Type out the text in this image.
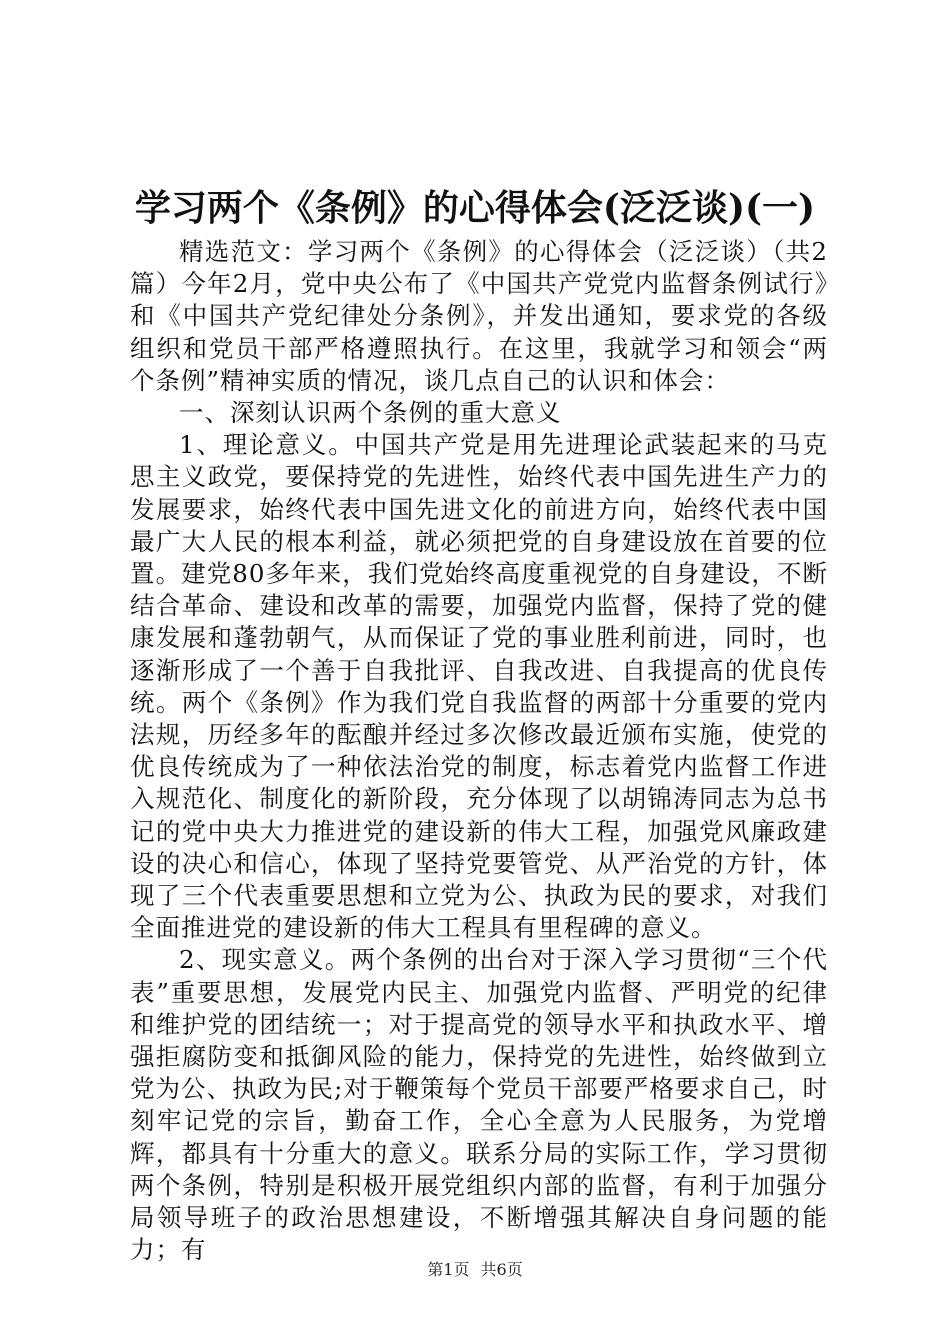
学习两个《条例》的心得体会(泛泛谈)(一)

精选范文：学习两个《条例》的心得体会（泛泛谈）（共2篇）今年2月，党中央公布了《中国共产党党内监督条例试行》和《中国共产党纪律处分条例》，并发出通知，要求党的各级组织和党员干部严格遵照执行。在这里，我就学习和领会“两个条例”精神实质的情况，谈几点自己的认识和体会：

一、深刻认识两个条例的重大意义

1、理论意义。中国共产党是用先进理论武装起来的马克思主义政党，要保持党的先进性，始终代表中国先进生产力的发展要求，始终代表中国先进文化的前进方向，始终代表中国最广大人民的根本利益，就必须把党的自身建设放在首要的位置。建党80多年来，我们党始终高度重视党的自身建设，不断结合革命、建设和改革的需要，加强党内监督，保持了党的健康发展和蓬勃朝气，从而保证了党的事业胜利前进，同时，也逐渐形成了一个善于自我批评、自我改进、自我提高的优良传统。两个《条例》作为我们党自我监督的两部十分重要的党内法规，历经多年的酝酿并经过多次修改最近颁布实施，使党的优良传统成为了一种依法治党的制度，标志着党内监督工作进入规范化、制度化的新阶段，充分体现了以胡锦涛同志为总书记的党中央大力推进党的建设新的伟大工程，加强党风廉政建设的决心和信心，体现了坚持党要管党、从严治党的方针，体现了三个代表重要思想和立党为公、执政为民的要求，对我们全面推进党的建设新的伟大工程具有里程碑的意义。

2、现实意义。两个条例的出台对于深入学习贯彻“三个代表”重要思想，发展党内民主、加强党内监督、严明党的纪律和维护党的团结统一；对于提高党的领导水平和执政水平、增强拒腐防变和抵御风险的能力，保持党的先进性，始终做到立党为公、执政为民;对于鞭策每个党员干部要严格要求自己，时刻牢记党的宗旨，勤奋工作，全心全意为人民服务，为党增辉，都具有十分重大的意义。联系分局的实际工作，学习贯彻两个条例，特别是积极开展党组织内部的监督，有利于加强分局领导班子的政治思想建设，不断增强其解决自身问题的能力；有

第1页 共6页
